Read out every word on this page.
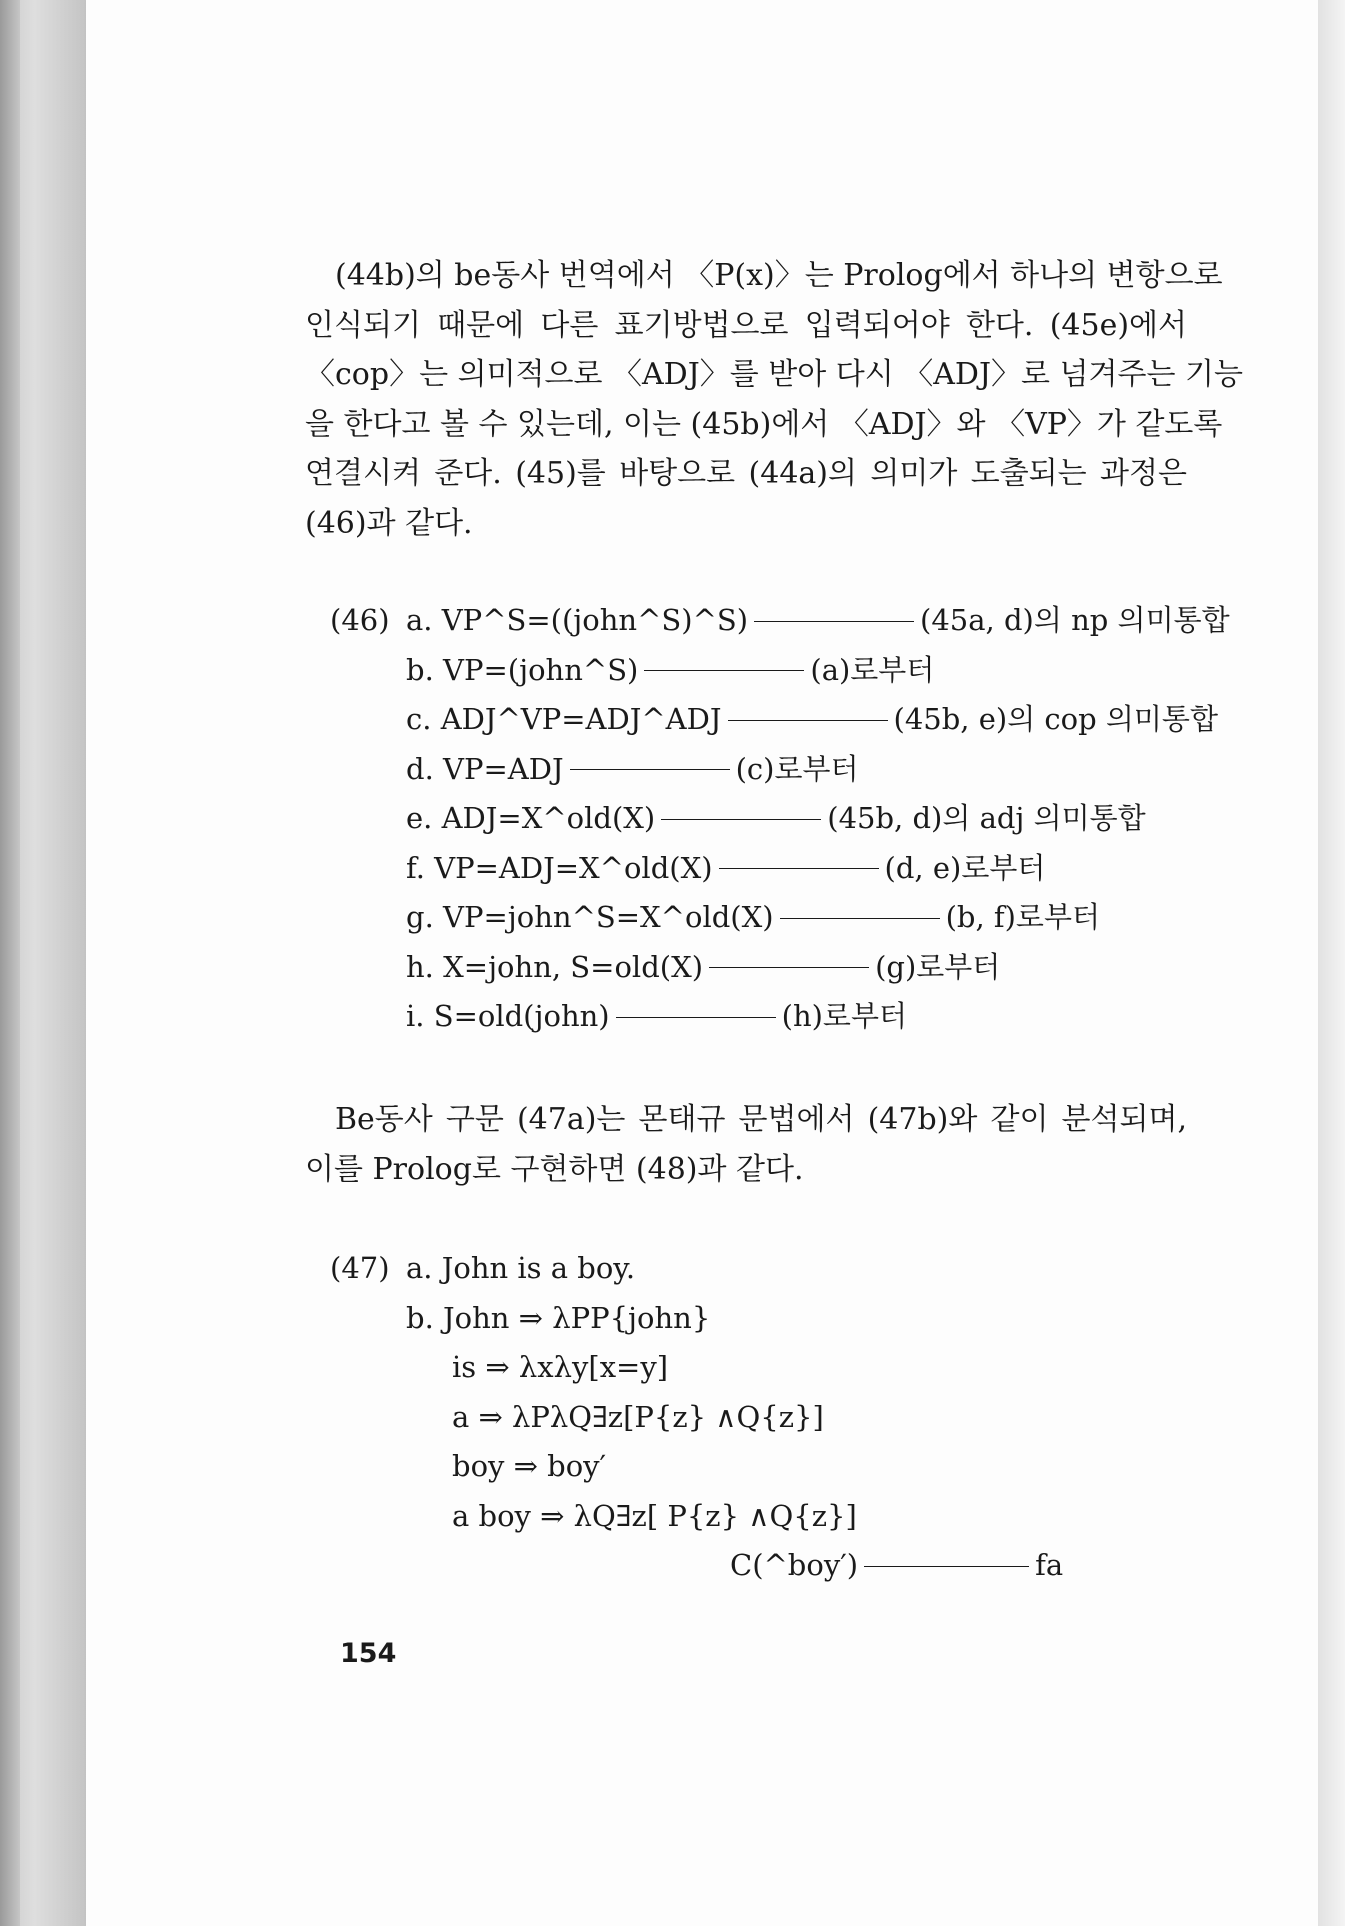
(44b)의 be동사 번역에서 〈P(x)〉는 Prolog에서 하나의 변항으로
인식되기 때문에 다른 표기방법으로 입력되어야 한다. (45e)에서
〈cop〉는 의미적으로 〈ADJ〉를 받아 다시 〈ADJ〉로 넘겨주는 기능
을 한다고 볼 수 있는데, 이는 (45b)에서 〈ADJ〉와 〈VP〉가 같도록
연결시켜 준다. (45)를 바탕으로 (44a)의 의미가 도출되는 과정은
(46)과 같다.
(46) a. VP^S=((john^S)^S)	(45a, d)의 np 의미통합
b. VP=(john^S)	(a)로부터
c. ADJ^VP=ADJ^ADJ	(45b, e)의 cop 의미통합
d. VP=ADJ	(c)로부터
e. ADJ=X^old(X)	(45b, d)의 adj 의미통합
f. VP=ADJ=X^old(X)	(d, e)로부터
g. VP=john^S=X^old(X)	(b, f)로부터
h. X=john, S=old(X)	(g)로부터
i. S=old(john)	(h)로부터
Be동사 구문 (47a)는 몬태규 문법에서 (47b)와 같이 분석되며,
이를 Prolog로 구현하면 (48)과 같다.
(47) a. John is a boy.
b. John ⇒ λPP{john}
is ⇒ λxλy[x=y]
a ⇒ λPλQ∃z[P{z} ∧Q{z}]
boy ⇒ boy′
a boy ⇒ λQ∃z[ P{z} ∧Q{z}]
C(^boy′)	fa
154
